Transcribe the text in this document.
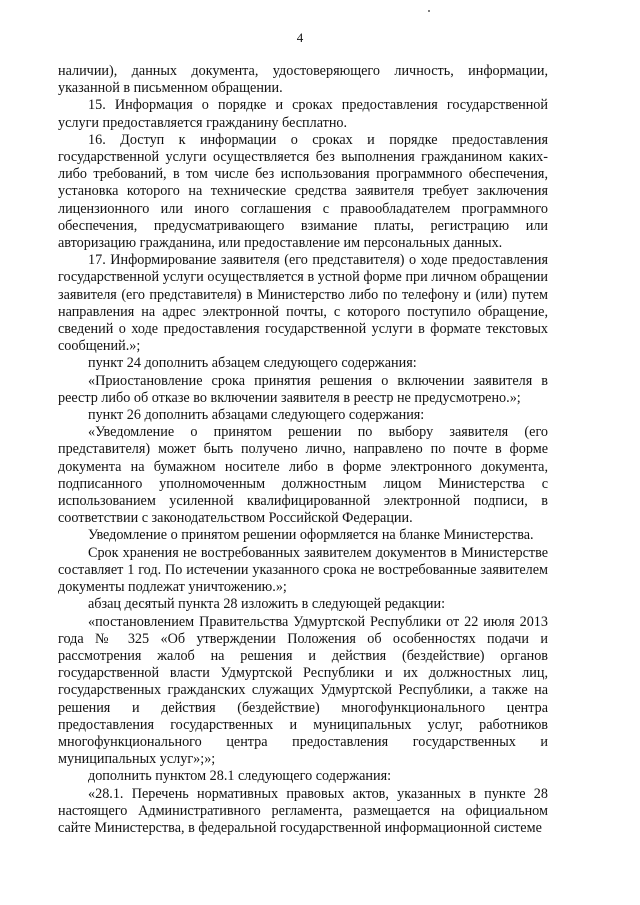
4

наличии), данных документа, удостоверяющего личность, информации, указанной в письменном обращении.

15. Информация о порядке и сроках предоставления государственной услуги предоставляется гражданину бесплатно.

16. Доступ к информации о сроках и порядке предоставления государственной услуги осуществляется без выполнения гражданином каких-либо требований, в том числе без использования программного обеспечения, установка которого на технические средства заявителя требует заключения лицензионного или иного соглашения с правообладателем программного обеспечения, предусматривающего взимание платы, регистрацию или авторизацию гражданина, или предоставление им персональных данных.

17. Информирование заявителя (его представителя) о ходе предоставления государственной услуги осуществляется в устной форме при личном обращении заявителя (его представителя) в Министерство либо по телефону и (или) путем направления на адрес электронной почты, с которого поступило обращение, сведений о ходе предоставления государственной услуги в формате текстовых сообщений.»;

пункт 24 дополнить абзацем следующего содержания:

«Приостановление срока принятия решения о включении заявителя в реестр либо об отказе во включении заявителя в реестр не предусмотрено.»;

пункт 26 дополнить абзацами следующего содержания:

«Уведомление о принятом решении по выбору заявителя (его представителя) может быть получено лично, направлено по почте в форме документа на бумажном носителе либо в форме электронного документа, подписанного уполномоченным должностным лицом Министерства с использованием усиленной квалифицированной электронной подписи, в соответствии с законодательством Российской Федерации.

Уведомление о принятом решении оформляется на бланке Министерства.

Срок хранения не востребованных заявителем документов в Министерстве составляет 1 год. По истечении указанного срока не востребованные заявителем документы подлежат уничтожению.»;

абзац десятый пункта 28 изложить в следующей редакции:

«постановлением Правительства Удмуртской Республики от 22 июля 2013 года № 325 «Об утверждении Положения об особенностях подачи и рассмотрения жалоб на решения и действия (бездействие) органов государственной власти Удмуртской Республики и их должностных лиц, государственных гражданских служащих Удмуртской Республики, а также на решения и действия (бездействие) многофункционального центра предоставления государственных и муниципальных услуг, работников многофункционального центра предоставления государственных и муниципальных услуг»;»;

дополнить пунктом 28.1 следующего содержания:

«28.1. Перечень нормативных правовых актов, указанных в пункте 28 настоящего Административного регламента, размещается на официальном сайте Министерства, в федеральной государственной информационной системе
